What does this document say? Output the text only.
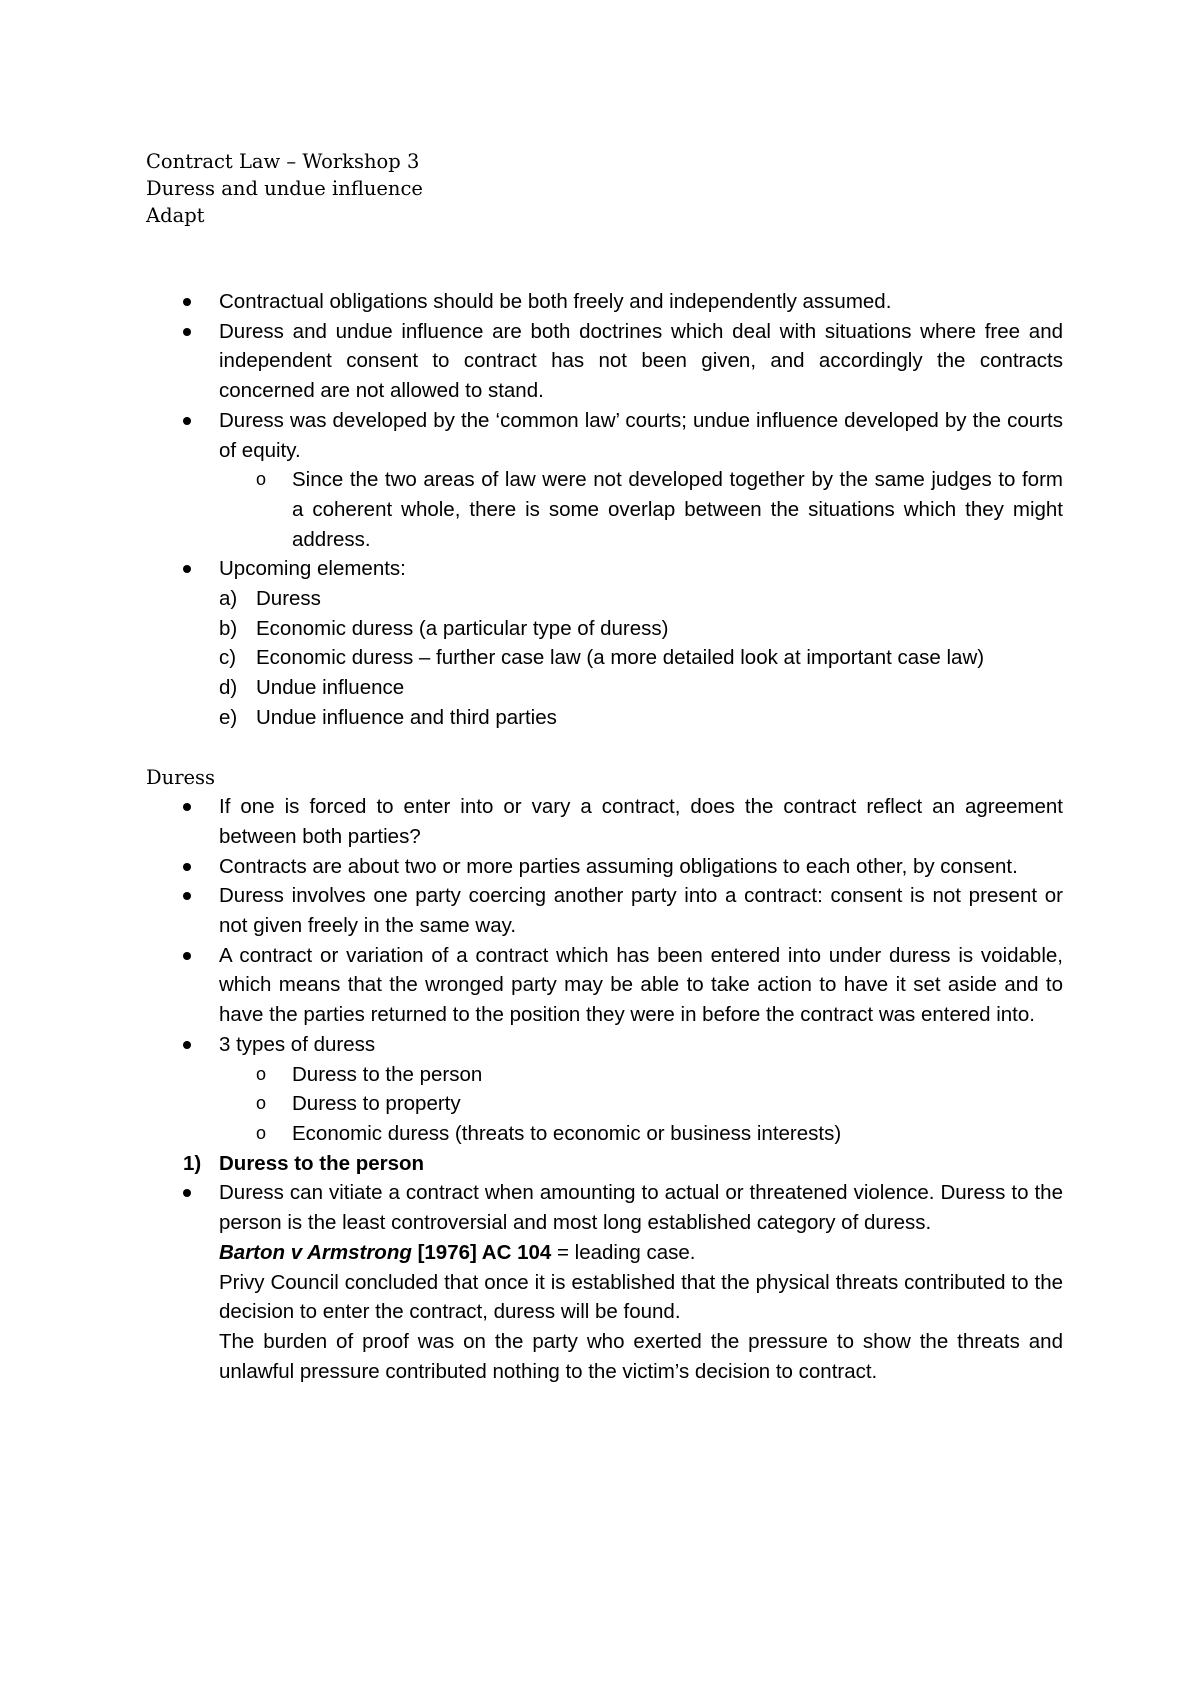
Contract Law – Workshop 3
Duress and undue influence
Adapt
Contractual obligations should be both freely and independently assumed.
Duress and undue influence are both doctrines which deal with situations where free and independent consent to contract has not been given, and accordingly the contracts concerned are not allowed to stand.
Duress was developed by the ‘common law’ courts; undue influence developed by the courts of equity.
o Since the two areas of law were not developed together by the same judges to form a coherent whole, there is some overlap between the situations which they might address.
Upcoming elements:
a) Duress
b) Economic duress (a particular type of duress)
c) Economic duress – further case law (a more detailed look at important case law)
d) Undue influence
e) Undue influence and third parties
Duress
If one is forced to enter into or vary a contract, does the contract reflect an agreement between both parties?
Contracts are about two or more parties assuming obligations to each other, by consent.
Duress involves one party coercing another party into a contract: consent is not present or not given freely in the same way.
A contract or variation of a contract which has been entered into under duress is voidable, which means that the wronged party may be able to take action to have it set aside and to have the parties returned to the position they were in before the contract was entered into.
3 types of duress
o Duress to the person
o Duress to property
o Economic duress (threats to economic or business interests)
1) Duress to the person
Duress can vitiate a contract when amounting to actual or threatened violence. Duress to the person is the least controversial and most long established category of duress.
Barton v Armstrong [1976] AC 104 = leading case.
Privy Council concluded that once it is established that the physical threats contributed to the decision to enter the contract, duress will be found.
The burden of proof was on the party who exerted the pressure to show the threats and unlawful pressure contributed nothing to the victim’s decision to contract.
